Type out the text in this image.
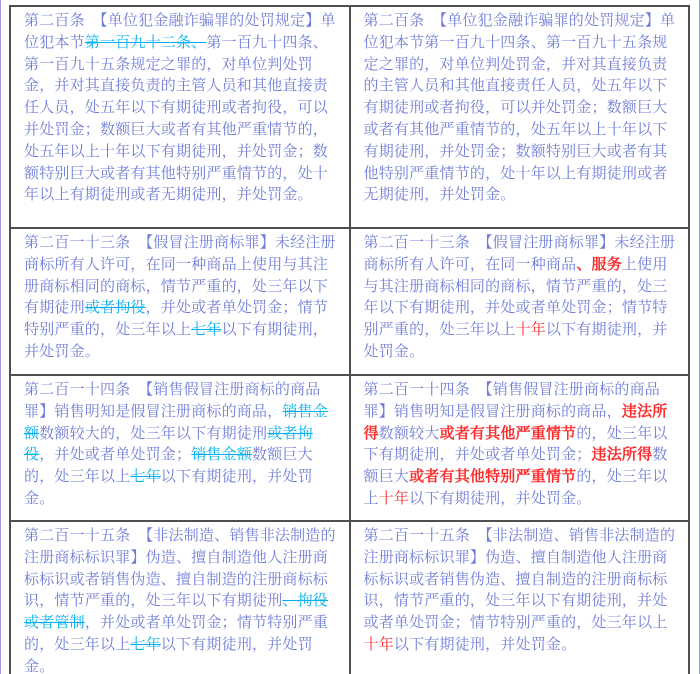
第二百条　【单位犯金融诈骗罪的处罚规定】单位犯本节第一百九十二条、第一百九十四条、第一百九十五条规定之罪的，对单位判处罚金，并对其直接负责的主管人员和其他直接责任人员，处五年以下有期徒刑或者拘役，可以并处罚金；数额巨大或者有其他严重情节的，处五年以上十年以下有期徒刑，并处罚金；数额特别巨大或者有其他特别严重情节的，处十年以上有期徒刑或者无期徒刑，并处罚金。	第二百条　【单位犯金融诈骗罪的处罚规定】单位犯本节第一百九十四条、第一百九十五条规定之罪的，对单位判处罚金，并对其直接负责的主管人员和其他直接责任人员，处五年以下有期徒刑或者拘役，可以并处罚金；数额巨大或者有其他严重情节的，处五年以上十年以下有期徒刑，并处罚金；数额特别巨大或者有其他特别严重情节的，处十年以上有期徒刑或者无期徒刑，并处罚金。
第二百一十三条　【假冒注册商标罪】未经注册商标所有人许可，在同一种商品上使用与其注册商标相同的商标，情节严重的，处三年以下有期徒刑或者拘役，并处或者单处罚金；情节特别严重的，处三年以上七年以下有期徒刑，并处罚金。	第二百一十三条　【假冒注册商标罪】未经注册商标所有人许可，在同一种商品、服务上使用与其注册商标相同的商标，情节严重的，处三年以下有期徒刑，并处或者单处罚金；情节特别严重的，处三年以上十年以下有期徒刑，并处罚金。
第二百一十四条　【销售假冒注册商标的商品罪】销售明知是假冒注册商标的商品，销售金额数额较大的，处三年以下有期徒刑或者拘役，并处或者单处罚金；销售金额数额巨大的，处三年以上七年以下有期徒刑，并处罚金。	第二百一十四条　【销售假冒注册商标的商品罪】销售明知是假冒注册商标的商品，违法所得数额较大或者有其他严重情节的，处三年以下有期徒刑，并处或者单处罚金；违法所得数额巨大或者有其他特别严重情节的，处三年以上十年以下有期徒刑，并处罚金。
第二百一十五条　【非法制造、销售非法制造的注册商标标识罪】伪造、擅自制造他人注册商标标识或者销售伪造、擅自制造的注册商标标识，情节严重的，处三年以下有期徒刑、拘役或者管制，并处或者单处罚金；情节特别严重的，处三年以上七年以下有期徒刑，并处罚金。	第二百一十五条　【非法制造、销售非法制造的注册商标标识罪】伪造、擅自制造他人注册商标标识或者销售伪造、擅自制造的注册商标标识，情节严重的，处三年以下有期徒刑，并处或者单处罚金；情节特别严重的，处三年以上十年以下有期徒刑，并处罚金。
